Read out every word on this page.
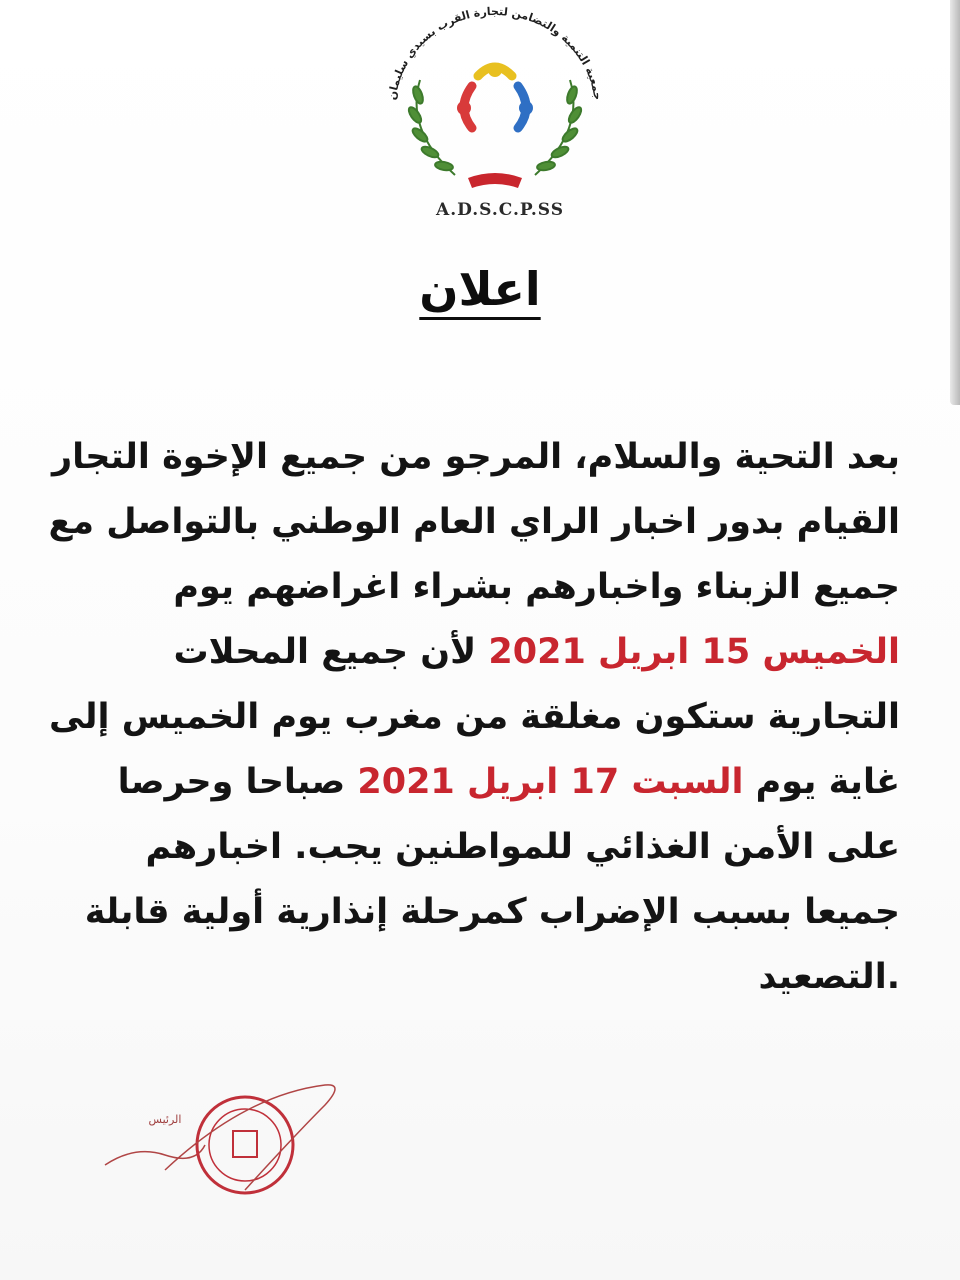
جمعية التنمية والتضامن لتجارة القرب بسيدي سليمان
A.D.S.C.P.SS
اعلان
بعد التحية والسلام، المرجو من جميع الإخوة التجار
القيام بدور اخبار الراي العام الوطني بالتواصل مع
جميع الزبناء واخبارهم بشراء اغراضهم يوم
الخميس 15 ابريل 2021 لأن جميع المحلات
التجارية ستكون مغلقة من مغرب يوم الخميس إلى
غاية يوم السبت 17 ابريل 2021 صباحا وحرصا
على الأمن الغذائي للمواطنين يجب. اخبارهم
جميعا بسبب الإضراب كمرحلة إنذارية أولية قابلة
.التصعيد
الرئيس
